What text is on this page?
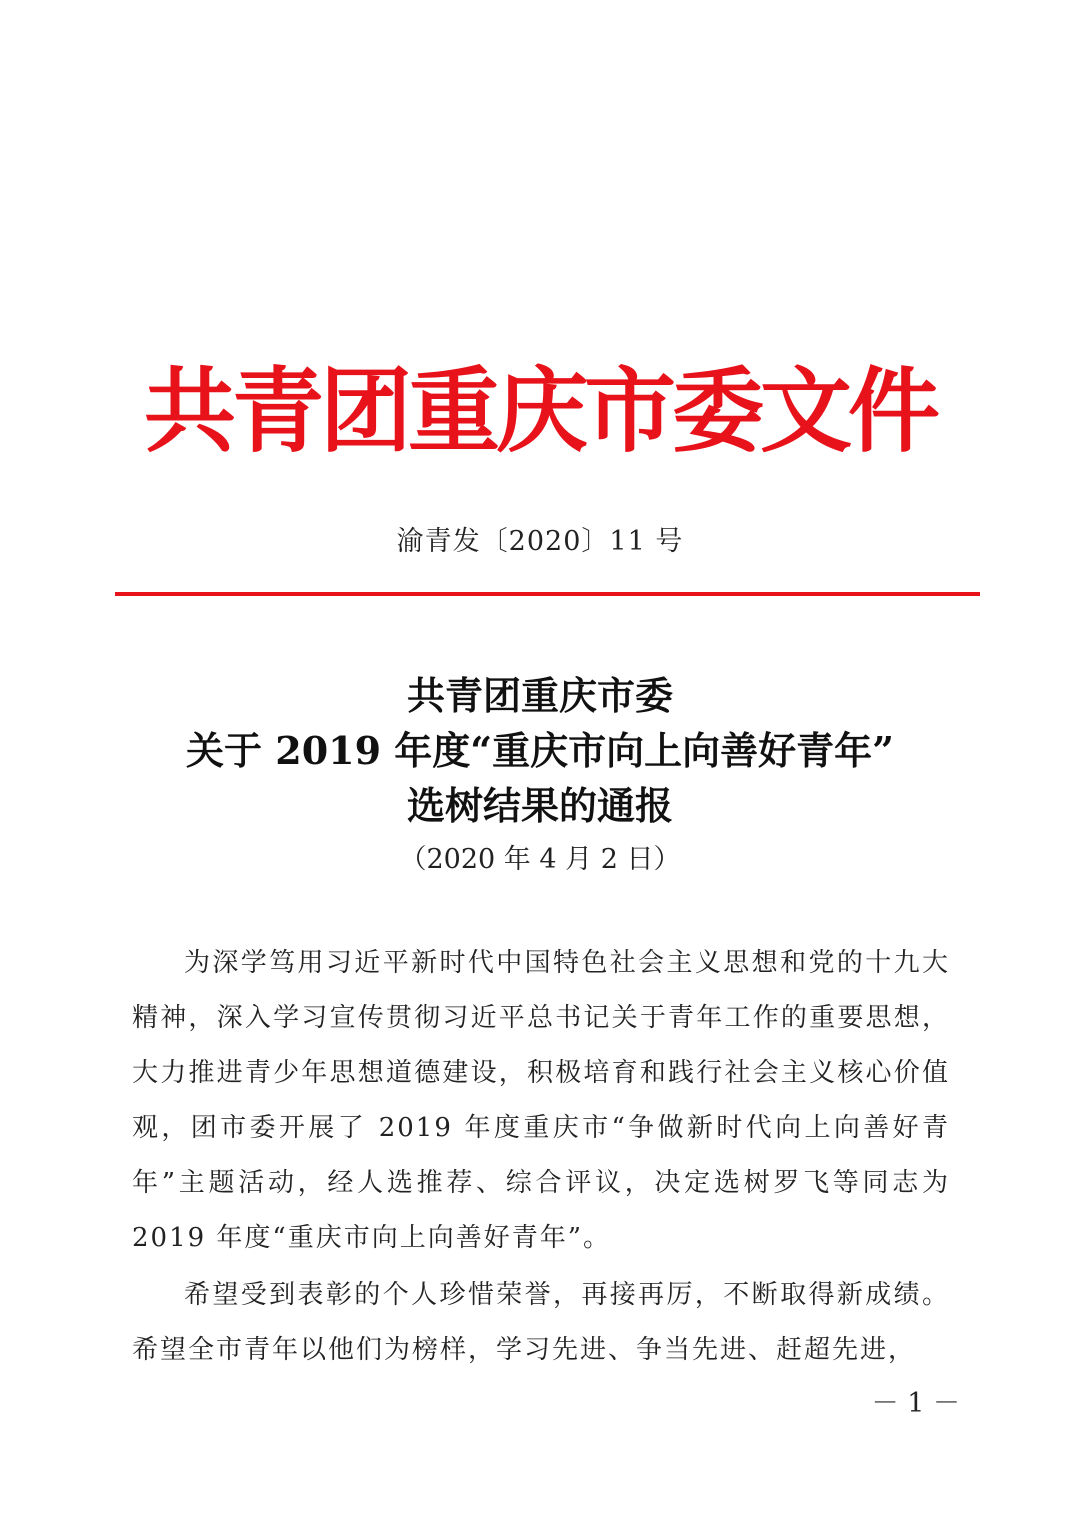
共青团重庆市委文件
渝青发〔2020〕11 号
共青团重庆市委
关于 2019 年度“重庆市向上向善好青年”
选树结果的通报
（2020 年 4 月 2 日）

为深学笃用习近平新时代中国特色社会主义思想和党的十九大精神，深入学习宣传贯彻习近平总书记关于青年工作的重要思想，大力推进青少年思想道德建设，积极培育和践行社会主义核心价值观，团市委开展了 2019 年度重庆市“争做新时代向上向善好青年”主题活动，经人选推荐、综合评议，决定选树罗飞等同志为 2019 年度“重庆市向上向善好青年”。

希望受到表彰的个人珍惜荣誉，再接再厉，不断取得新成绩。希望全市青年以他们为榜样，学习先进、争当先进、赶超先进，

－ 1 －
